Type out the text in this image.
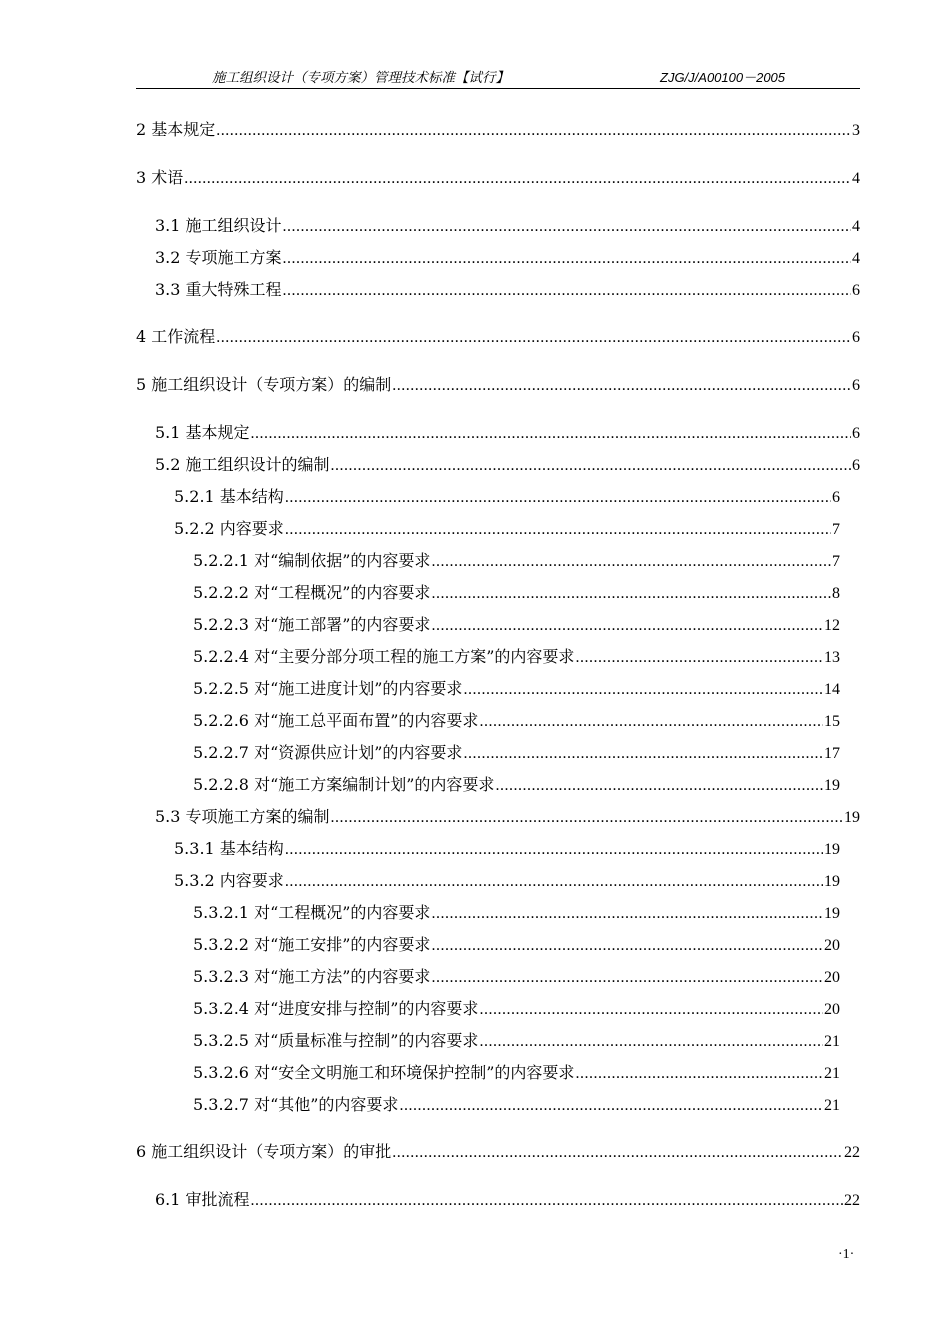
施工组织设计（专项方案）管理技术标准【试行】	ZJG/J/A00100－2005
2 基本规定 .....	3
3 术语 .....	4
3.1 施工组织设计 .....	4
3.2 专项施工方案 .....	4
3.3 重大特殊工程 .....	6
4 工作流程 .....	6
5 施工组织设计（专项方案）的编制 .....	6
5.1 基本规定 .....	6
5.2 施工组织设计的编制 .....	6
5.2.1 基本结构 .....	6
5.2.2 内容要求 .....	7
5.2.2.1 对“编制依据”的内容要求 .....	7
5.2.2.2 对“工程概况”的内容要求 .....	8
5.2.2.3 对“施工部署”的内容要求 .....	12
5.2.2.4 对“主要分部分项工程的施工方案”的内容要求 .....	13
5.2.2.5 对“施工进度计划”的内容要求 .....	14
5.2.2.6 对“施工总平面布置”的内容要求 .....	15
5.2.2.7 对“资源供应计划”的内容要求 .....	17
5.2.2.8 对“施工方案编制计划”的内容要求 .....	19
5.3 专项施工方案的编制 .....	19
5.3.1 基本结构 .....	19
5.3.2 内容要求 .....	19
5.3.2.1 对“工程概况”的内容要求 .....	19
5.3.2.2 对“施工安排”的内容要求 .....	20
5.3.2.3 对“施工方法”的内容要求 .....	20
5.3.2.4 对“进度安排与控制”的内容要求 .....	20
5.3.2.5 对“质量标准与控制”的内容要求 .....	21
5.3.2.6 对“安全文明施工和环境保护控制”的内容要求 .....	21
5.3.2.7 对“其他”的内容要求 .....	21
6 施工组织设计（专项方案）的审批 .....	22
6.1 审批流程 .....	22
·1·
